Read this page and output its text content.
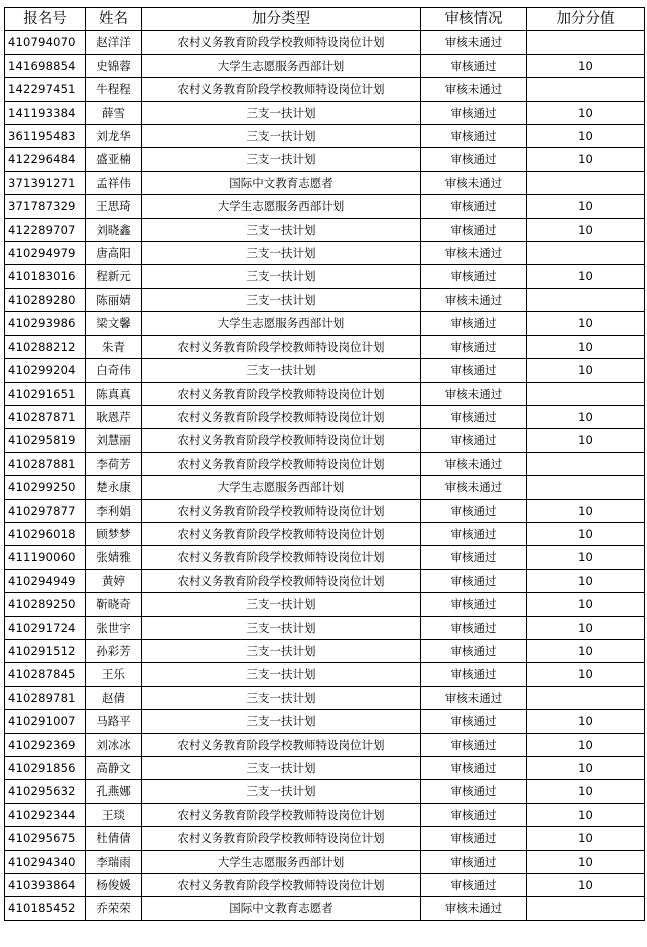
报名号	姓名	加分类型	审核情况	加分分值
410794070	赵洋洋	农村义务教育阶段学校教师特设岗位计划	审核未通过	
141698854	史锦蓉	大学生志愿服务西部计划	审核通过	10
142297451	牛程程	农村义务教育阶段学校教师特设岗位计划	审核未通过	
141193384	薛雪	三支一扶计划	审核通过	10
361195483	刘龙华	三支一扶计划	审核通过	10
412296484	盛亚楠	三支一扶计划	审核通过	10
371391271	孟祥伟	国际中文教育志愿者	审核未通过	
371787329	王思琦	大学生志愿服务西部计划	审核通过	10
412289707	刘晓鑫	三支一扶计划	审核通过	10
410294979	唐高阳	三支一扶计划	审核未通过	
410183016	程新元	三支一扶计划	审核通过	10
410289280	陈丽婧	三支一扶计划	审核未通过	
410293986	梁文馨	大学生志愿服务西部计划	审核通过	10
410288212	朱青	农村义务教育阶段学校教师特设岗位计划	审核通过	10
410299204	白奇伟	三支一扶计划	审核通过	10
410291651	陈真真	农村义务教育阶段学校教师特设岗位计划	审核未通过	
410287871	耿恩芹	农村义务教育阶段学校教师特设岗位计划	审核通过	10
410295819	刘慧丽	农村义务教育阶段学校教师特设岗位计划	审核通过	10
410287881	李荷芳	农村义务教育阶段学校教师特设岗位计划	审核未通过	
410299250	楚永康	大学生志愿服务西部计划	审核未通过	
410297877	李利娟	农村义务教育阶段学校教师特设岗位计划	审核通过	10
410296018	顾梦梦	农村义务教育阶段学校教师特设岗位计划	审核通过	10
411190060	张婧雅	农村义务教育阶段学校教师特设岗位计划	审核通过	10
410294949	黄婷	农村义务教育阶段学校教师特设岗位计划	审核通过	10
410289250	靳晓奇	三支一扶计划	审核通过	10
410291724	张世宇	三支一扶计划	审核通过	10
410291512	孙彩芳	三支一扶计划	审核通过	10
410287845	王乐	三支一扶计划	审核通过	10
410289781	赵倩	三支一扶计划	审核未通过	
410291007	马路平	三支一扶计划	审核通过	10
410292369	刘冰冰	农村义务教育阶段学校教师特设岗位计划	审核通过	10
410291856	高静文	三支一扶计划	审核通过	10
410295632	孔燕娜	三支一扶计划	审核通过	10
410292344	王琰	农村义务教育阶段学校教师特设岗位计划	审核通过	10
410295675	杜倩倩	农村义务教育阶段学校教师特设岗位计划	审核通过	10
410294340	李瑞雨	大学生志愿服务西部计划	审核通过	10
410393864	杨俊媛	农村义务教育阶段学校教师特设岗位计划	审核通过	10
410185452	乔荣荣	国际中文教育志愿者	审核未通过	
